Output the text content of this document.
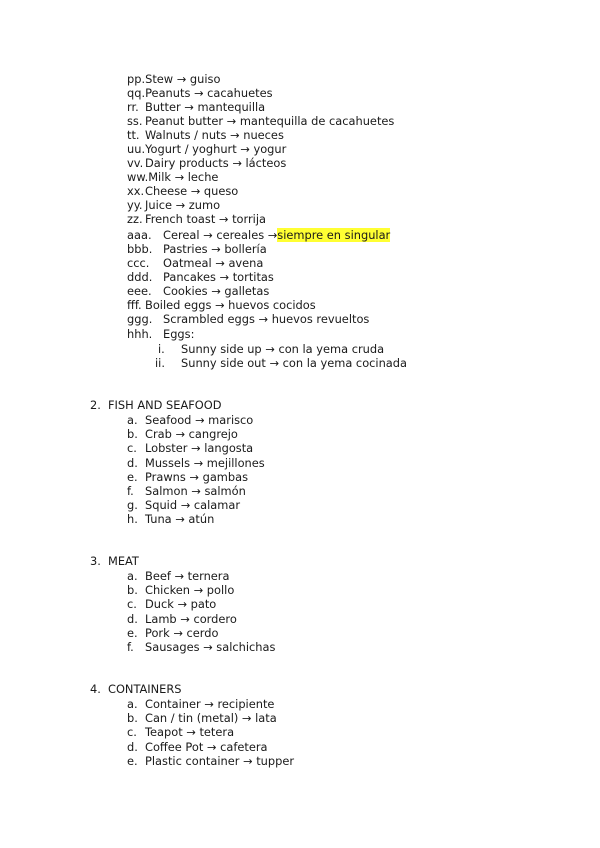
pp.Stew → guiso
qq.Peanuts → cacahuetes
rr. Butter → mantequilla
ss. Peanut butter → mantequilla de cacahuetes
tt. Walnuts / nuts → nueces
uu.Yogurt / yoghurt → yogur
vv. Dairy products → lácteos
ww.Milk → leche
xx.Cheese → queso
yy. Juice → zumo
zz. French toast → torrija
aaa. Cereal → cereales →siempre en singular
bbb. Pastries → bollería
ccc. Oatmeal → avena
ddd. Pancakes → tortitas
eee. Cookies → galletas
fff. Boiled eggs → huevos cocidos
ggg. Scrambled eggs → huevos revueltos
hhh. Eggs:
i. Sunny side up → con la yema cruda
ii. Sunny side out → con la yema cocinada
2. FISH AND SEAFOOD
a. Seafood → marisco
b. Crab → cangrejo
c. Lobster → langosta
d. Mussels → mejillones
e. Prawns → gambas
f. Salmon → salmón
g. Squid → calamar
h. Tuna → atún
3. MEAT
a. Beef → ternera
b. Chicken → pollo
c. Duck → pato
d. Lamb → cordero
e. Pork → cerdo
f. Sausages → salchichas
4. CONTAINERS
a. Container → recipiente
b. Can / tin (metal) → lata
c. Teapot → tetera
d. Coffee Pot → cafetera
e. Plastic container → tupper
